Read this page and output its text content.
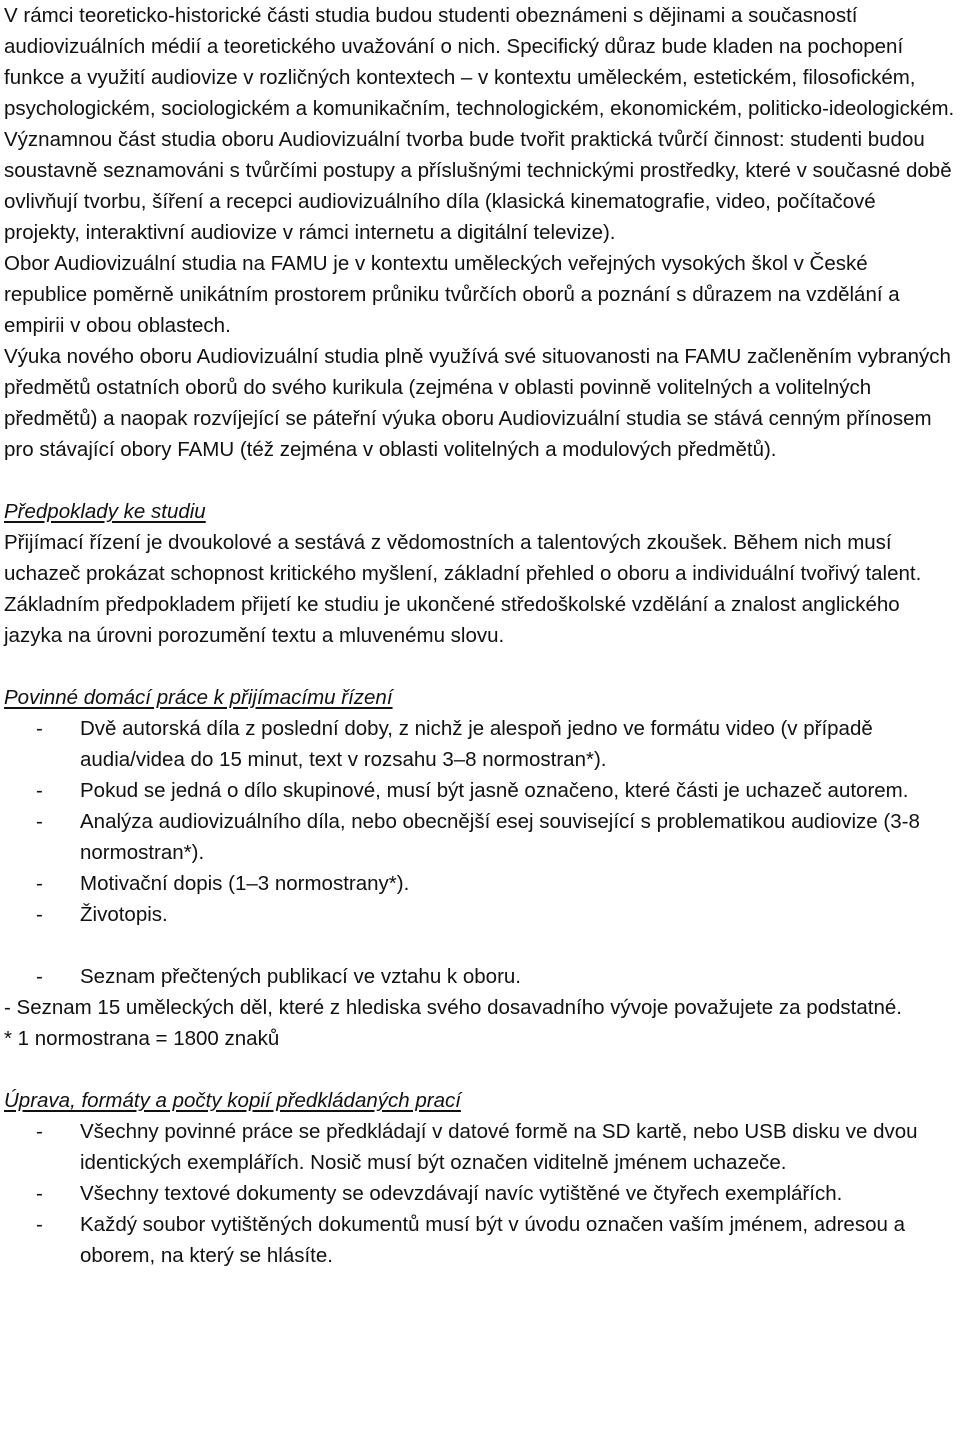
V rámci teoreticko-historické části studia budou studenti obeznámeni s dějinami a současností audiovizuálních médií a teoretického uvažování o nich. Specifický důraz bude kladen na pochopení funkce a využití audiovize v rozličných kontextech – v kontextu uměleckém, estetickém, filosofickém, psychologickém, sociologickém a komunikačním, technologickém, ekonomickém, politicko-ideologickém.

Významnou část studia oboru Audiovizuální tvorba bude tvořit praktická tvůrčí činnost: studenti budou soustavně seznamováni s tvůrčími postupy a příslušnými technickými prostředky, které v současné době ovlivňují tvorbu, šíření a recepci audiovizuálního díla (klasická kinematografie, video, počítačové projekty, interaktivní audiovize v rámci internetu a digitální televize).

Obor Audiovizuální studia na FAMU je v kontextu uměleckých veřejných vysokých škol v České republice poměrně unikátním prostorem průniku tvůrčích oborů a poznání s důrazem na vzdělání a empirii v obou oblastech.

Výuka nového oboru Audiovizuální studia plně využívá své situovanosti na FAMU začleněním vybraných předmětů ostatních oborů do svého kurikula (zejména v oblasti povinně volitelných a volitelných předmětů) a naopak rozvíjející se páteřní výuka oboru Audiovizuální studia se stává cenným přínosem pro stávající obory FAMU (též zejména v oblasti volitelných a modulových předmětů).

Předpoklady ke studiu

Přijímací řízení je dvoukolové a sestává z vědomostních a talentových zkoušek. Během nich musí uchazeč prokázat schopnost kritického myšlení, základní přehled o oboru a individuální tvořivý talent. Základním předpokladem přijetí ke studiu je ukončené středoškolské vzdělání a znalost anglického jazyka na úrovni porozumění textu a mluvenému slovu.

Povinné domácí práce k přijímacímu řízení

- Dvě autorská díla z poslední doby, z nichž je alespoň jedno ve formátu video (v případě audia/videa do 15 minut, text v rozsahu 3–8 normostran*).
- Pokud se jedná o dílo skupinové, musí být jasně označeno, které části je uchazeč autorem.
- Analýza audiovizuálního díla, nebo obecnější esej související s problematikou audiovize (3-8 normostran*).
- Motivační dopis (1–3 normostrany*).
- Životopis.
- Seznam přečtených publikací ve vztahu k oboru.

- Seznam 15 uměleckých děl, které z hlediska svého dosavadního vývoje považujete za podstatné.

* 1 normostrana = 1800 znaků

Úprava, formáty a počty kopií předkládaných prací

- Všechny povinné práce se předkládají v datové formě na SD kartě, nebo USB disku ve dvou identických exemplářích. Nosič musí být označen viditelně jménem uchazeče.
- Všechny textové dokumenty se odevzdávají navíc vytištěné ve čtyřech exemplářích.
- Každý soubor vytištěných dokumentů musí být v úvodu označen vaším jménem, adresou a oborem, na který se hlásíte.
